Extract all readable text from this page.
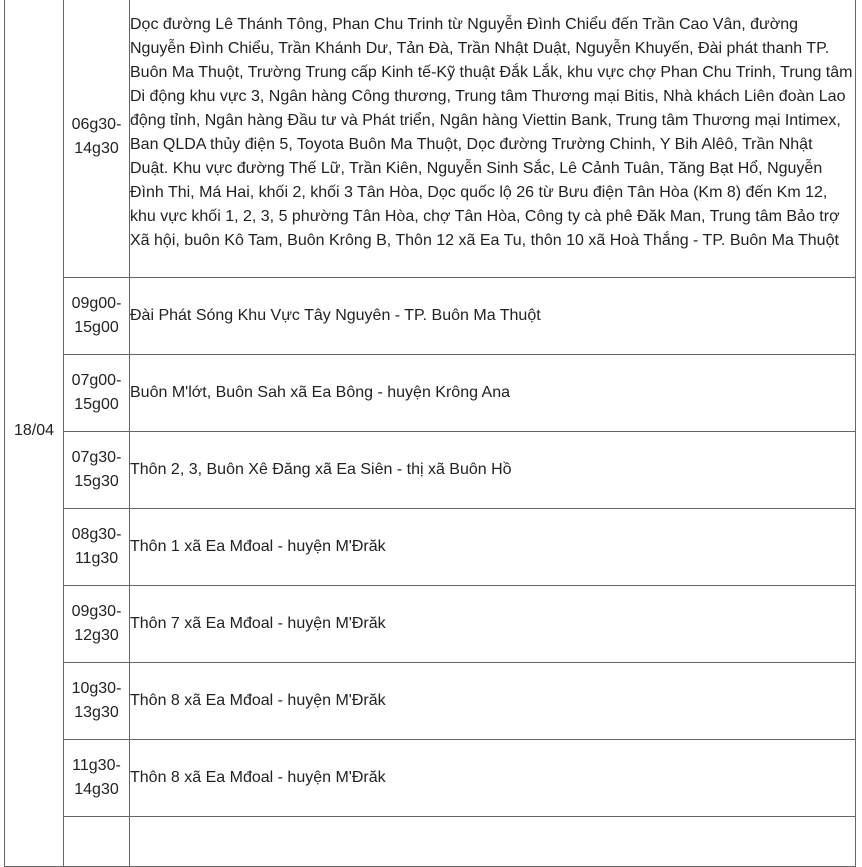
18/04	06g30-
14g30	Dọc đường Lê Thánh Tông, Phan Chu Trinh từ Nguyễn Đình Chiểu đến Trần Cao Vân, đường Nguyễn Đình Chiểu, Trần Khánh Dư, Tản Đà, Trần Nhật Duật, Nguyễn Khuyến, Đài phát thanh TP. Buôn Ma Thuột, Trường Trung cấp Kinh tế-Kỹ thuật Đắk Lắk, khu vực chợ Phan Chu Trinh, Trung tâm Di động khu vực 3, Ngân hàng Công thương, Trung tâm Thương mại Bitis, Nhà khách Liên đoàn Lao động tỉnh, Ngân hàng Đầu tư và Phát triển, Ngân hàng Viettin Bank, Trung tâm Thương mại Intimex, Ban QLDA thủy điện 5, Toyota Buôn Ma Thuột, Dọc đường Trường Chinh, Y Bih Alêô, Trần Nhật Duật. Khu vực đường Thế Lữ, Trần Kiên, Nguyễn Sinh Sắc, Lê Cảnh Tuân, Tăng Bạt Hổ, Nguyễn Đình Thi, Má Hai, khối 2, khối 3 Tân Hòa, Dọc quốc lộ 26 từ Bưu điện Tân Hòa (Km 8) đến Km 12, khu vực khối 1, 2, 3, 5 phường Tân Hòa, chợ Tân Hòa, Công ty cà phê Đăk Man, Trung tâm Bảo trợ Xã hội, buôn Kô Tam, Buôn Krông B, Thôn 12 xã Ea Tu, thôn 10 xã Hoà Thắng - TP. Buôn Ma Thuột
	09g00-
15g00	Đài Phát Sóng Khu Vực Tây Nguyên - TP. Buôn Ma Thuột
	07g00-
15g00	Buôn M'lớt, Buôn Sah xã Ea Bông - huyện Krông Ana
	07g30-
15g30	Thôn 2, 3, Buôn Xê Đăng xã Ea Siên - thị xã Buôn Hồ
	08g30-
11g30	Thôn 1 xã Ea Mđoal - huyện M'Đrăk
	09g30-
12g30	Thôn 7 xã Ea Mđoal - huyện M'Đrăk
	10g30-
13g30	Thôn 8 xã Ea Mđoal - huyện M'Đrăk
	11g30-
14g30	Thôn 8 xã Ea Mđoal - huyện M'Đrăk
